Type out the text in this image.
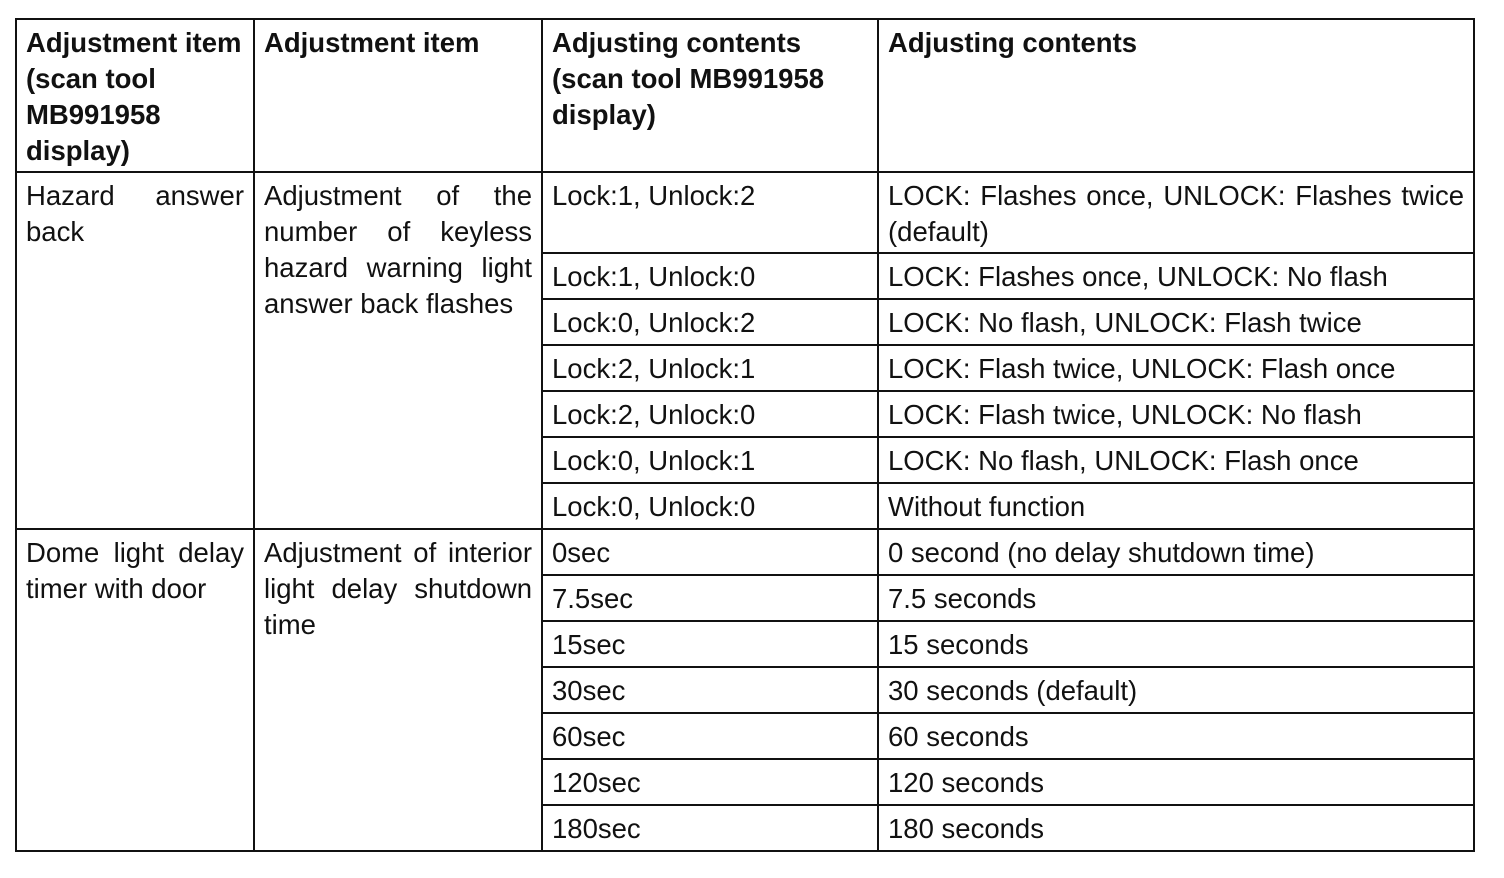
Adjustment item (scan tool MB991958 display)	Adjustment item	Adjusting contents (scan tool MB991958 display)	Adjusting contents
Hazard answer back	Adjustment of the number of keyless hazard warning light answer back flashes	Lock:1, Unlock:2	LOCK: Flashes once, UNLOCK: Flashes twice (default)
		Lock:1, Unlock:0	LOCK: Flashes once, UNLOCK: No flash
		Lock:0, Unlock:2	LOCK: No flash, UNLOCK: Flash twice
		Lock:2, Unlock:1	LOCK: Flash twice, UNLOCK: Flash once
		Lock:2, Unlock:0	LOCK: Flash twice, UNLOCK: No flash
		Lock:0, Unlock:1	LOCK: No flash, UNLOCK: Flash once
		Lock:0, Unlock:0	Without function
Dome light delay timer with door	Adjustment of interior light delay shutdown time	0sec	0 second (no delay shutdown time)
		7.5sec	7.5 seconds
		15sec	15 seconds
		30sec	30 seconds (default)
		60sec	60 seconds
		120sec	120 seconds
		180sec	180 seconds
